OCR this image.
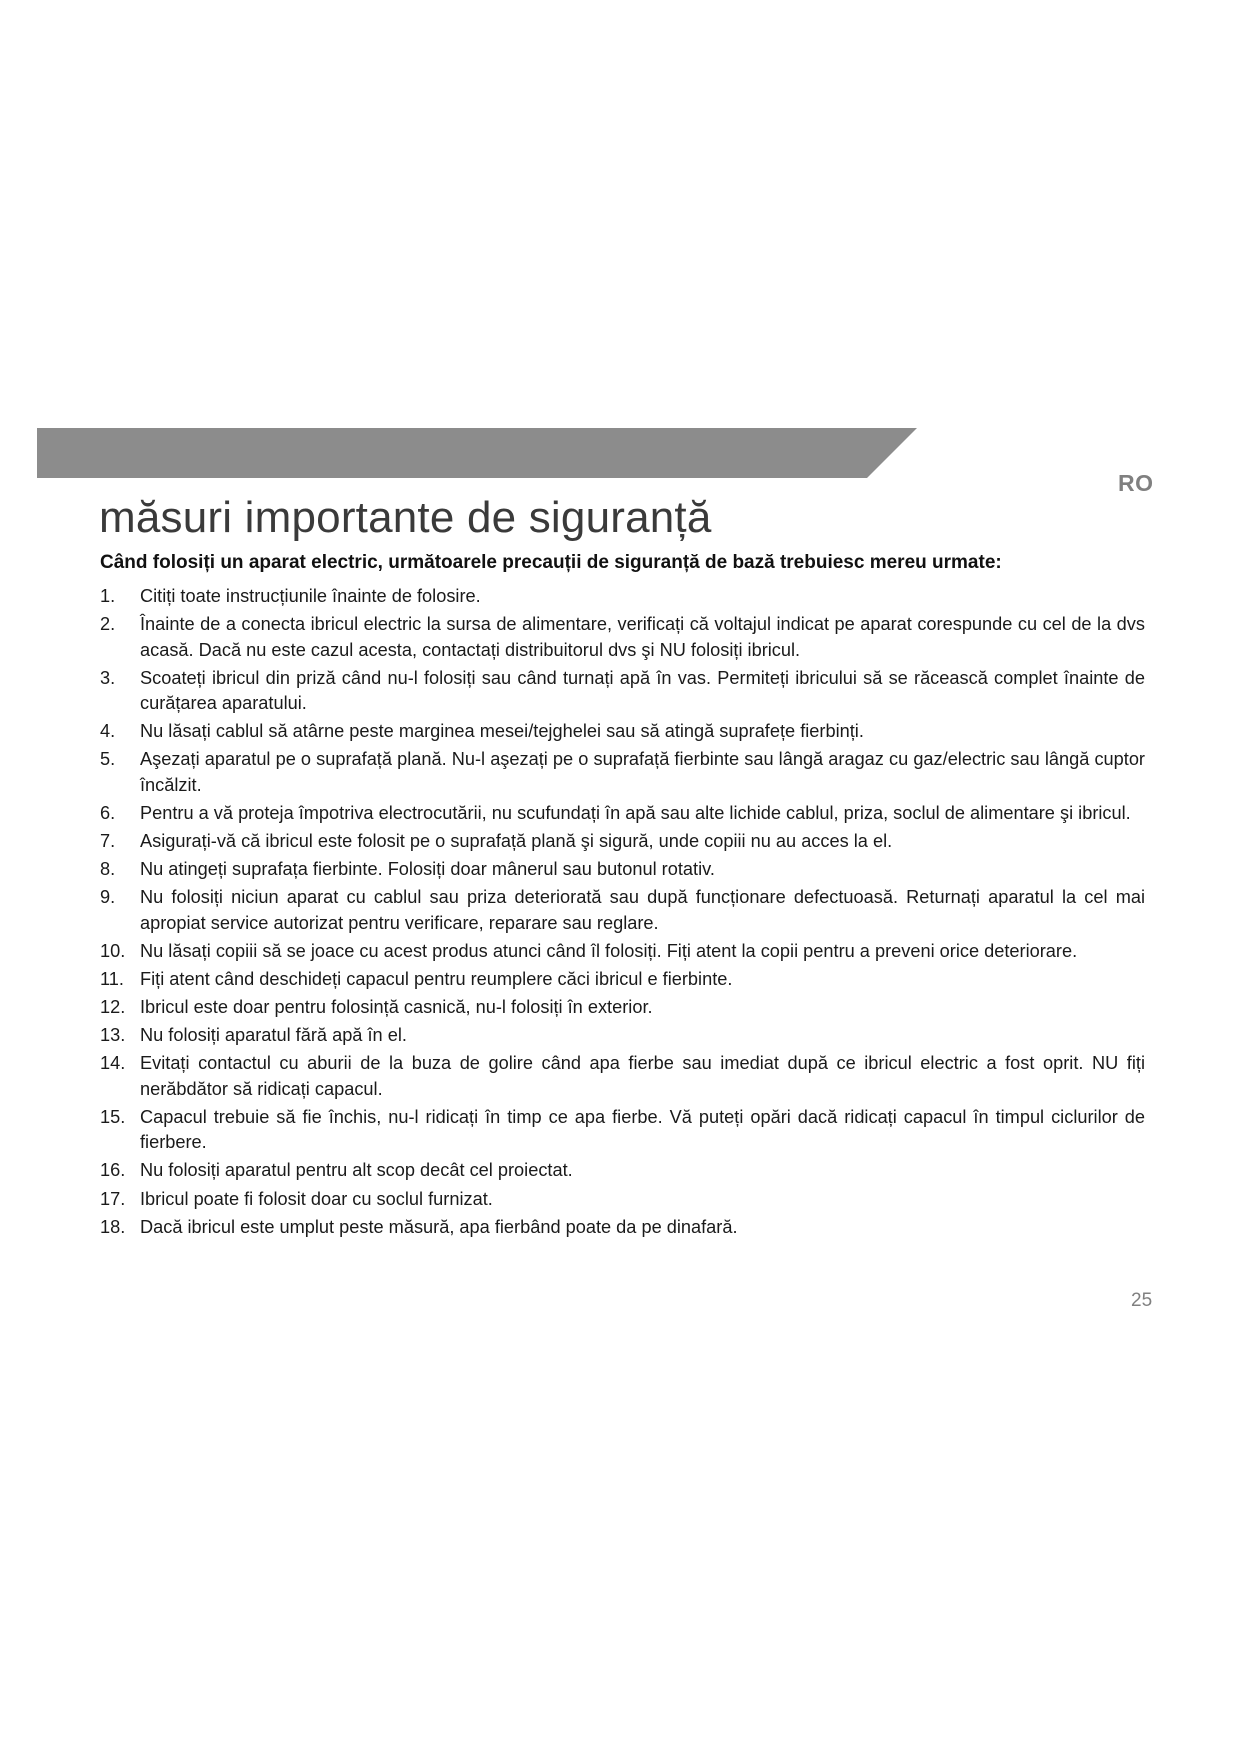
RO
măsuri importante de siguranță

Când folosiți un aparat electric, următoarele precauții de siguranță de bază trebuiesc mereu urmate:

1.	Citiți toate instrucțiunile înainte de folosire.
2.	Înainte de a conecta ibricul electric la sursa de alimentare, verificați că voltajul indicat pe aparat corespunde cu cel de la dvs acasă. Dacă nu este cazul acesta, contactați distribuitorul dvs şi NU folosiți ibricul.
3.	Scoateți ibricul din priză când nu-l folosiți sau când turnați apă în vas. Permiteți ibricului să se răcească complet înainte de curățarea aparatului.
4.	Nu lăsați cablul să atârne peste marginea mesei/tejghelei sau să atingă suprafețe fierbinți.
5.	Aşezați aparatul pe o suprafață plană. Nu-l aşezați pe o suprafață fierbinte sau lângă aragaz cu gaz/electric sau lângă cuptor încălzit.
6.	Pentru a vă proteja împotriva electrocutării, nu scufundați în apă sau alte lichide cablul, priza, soclul de alimentare şi ibricul.
7.	Asigurați-vă că ibricul este folosit pe o suprafață plană şi sigură, unde copiii nu au acces la el.
8.	Nu atingeți suprafața fierbinte. Folosiți doar mânerul sau butonul rotativ.
9.	Nu folosiți niciun aparat cu cablul sau priza deteriorată sau după funcționare defectuoasă. Returnați aparatul la cel mai apropiat service autorizat pentru verificare, reparare sau reglare.
10. Nu lăsați copiii să se joace cu acest produs atunci când îl folosiți. Fiți atent la copii pentru a preveni orice deteriorare.
11. Fiți atent când deschideți capacul pentru reumplere căci ibricul e fierbinte.
12. Ibricul este doar pentru folosință casnică, nu-l folosiți în exterior.
13. Nu folosiți aparatul fără apă în el.
14. Evitați contactul cu aburii de la buza de golire când apa fierbe sau imediat după ce ibricul electric a fost oprit. NU fiți nerăbdător să ridicați capacul.
15. Capacul trebuie să fie închis, nu-l ridicați în timp ce apa fierbe. Vă puteți opări dacă ridicați capacul în timpul ciclurilor de fierbere.
16. Nu folosiți aparatul pentru alt scop decât cel proiectat.
17. Ibricul poate fi folosit doar cu soclul furnizat.
18. Dacă ibricul este umplut peste măsură, apa fierbând poate da pe dinafară.
25
